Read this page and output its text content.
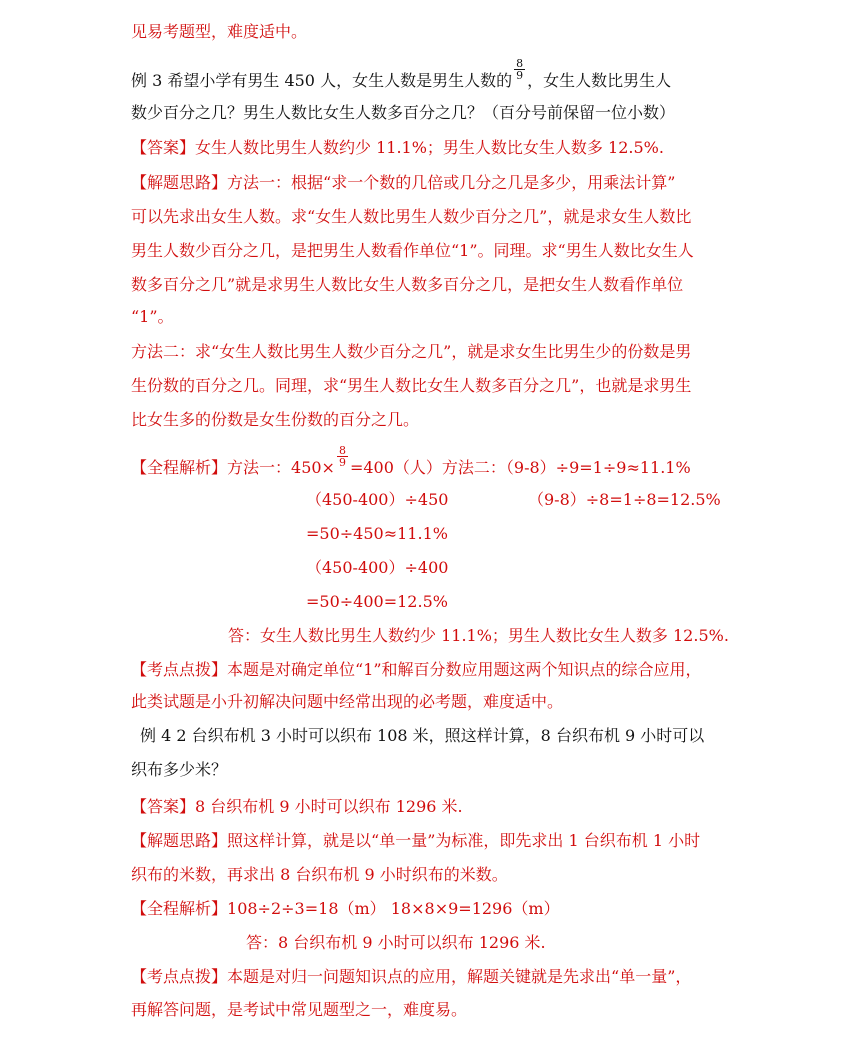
见易考题型，难度适中。
例 3 希望小学有男生 450 人，女生人数是男生人数的 $\frac{8}{9}$ ，女生人数比男生人
数少百分之几？男生人数比女生人数多百分之几？（百分号前保留一位小数）
【答案】女生人数比男生人数约少 11.1%；男生人数比女生人数多 12.5%.
【解题思路】方法一：根据“求一个数的几倍或几分之几是多少，用乘法计算”
可以先求出女生人数。求“女生人数比男生人数少百分之几”，就是求女生人数比
男生人数少百分之几，是把男生人数看作单位“1”。同理。求“男生人数比女生人
数多百分之几”就是求男生人数比女生人数多百分之几，是把女生人数看作单位
“1”。
方法二：求“女生人数比男生人数少百分之几”，就是求女生比男生少的份数是男
生份数的百分之几。同理，求“男生人数比女生人数多百分之几”，也就是求男生
比女生多的份数是女生份数的百分之几。
【全程解析】方法一：$450\times \frac{8}{9} =400$（人）方法二：（9-8）÷9=1÷9≈11.1%
（450-400）÷450	（9-8）÷8=1÷8=12.5%
=50÷450≈11.1%
（450-400）÷400
=50÷400=12.5%
答：女生人数比男生人数约少 11.1%；男生人数比女生人数多 12.5%.
【考点点拨】本题是对确定单位“1”和解百分数应用题这两个知识点的综合应用，
此类试题是小升初解决问题中经常出现的必考题，难度适中。
例 4 2 台织布机 3 小时可以织布 108 米，照这样计算，8 台织布机 9 小时可以
织布多少米？
【答案】8 台织布机 9 小时可以织布 1296 米.
【解题思路】照这样计算，就是以“单一量”为标准，即先求出 1 台织布机 1 小时
织布的米数，再求出 8 台织布机 9 小时织布的米数。
【全程解析】108÷2÷3=18（m） 18×8×9=1296（m）
答：8 台织布机 9 小时可以织布 1296 米.
【考点点拨】本题是对归一问题知识点的应用，解题关键就是先求出“单一量”，
再解答问题，是考试中常见题型之一，难度易。
